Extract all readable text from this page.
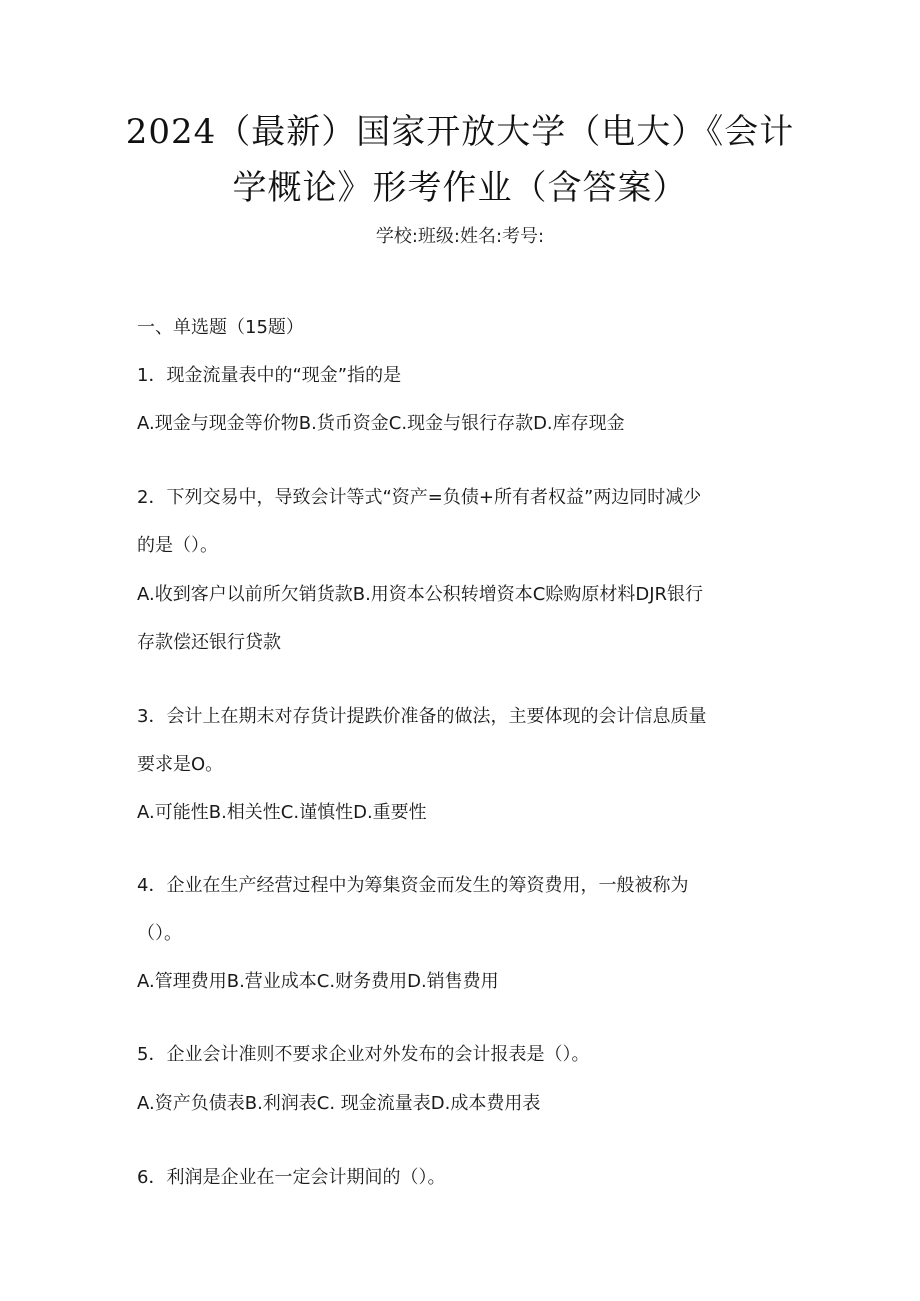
2024（最新）国家开放大学（电大）《会计
学概论》形考作业（含答案）
学校:班级:姓名:考号:
一、单选题（15题）
1．现金流量表中的“现金”指的是
A.现金与现金等价物B.货币资金C.现金与银行存款D.库存现金
2．下列交易中，导致会计等式“资产=负债+所有者权益”两边同时减少
的是（）。
A.收到客户以前所欠销货款B.用资本公积转增资本C赊购原材料DJR银行
存款偿还银行贷款
3．会计上在期末对存货计提跌价准备的做法，主要体现的会计信息质量
要求是O。
A.可能性B.相关性C.谨慎性D.重要性
4．企业在生产经营过程中为筹集资金而发生的筹资费用，一般被称为
（）。
A.管理费用B.营业成本C.财务费用D.销售费用
5．企业会计准则不要求企业对外发布的会计报表是（）。
A.资产负债表B.利润表C. 现金流量表D.成本费用表
6．利润是企业在一定会计期间的（）。
